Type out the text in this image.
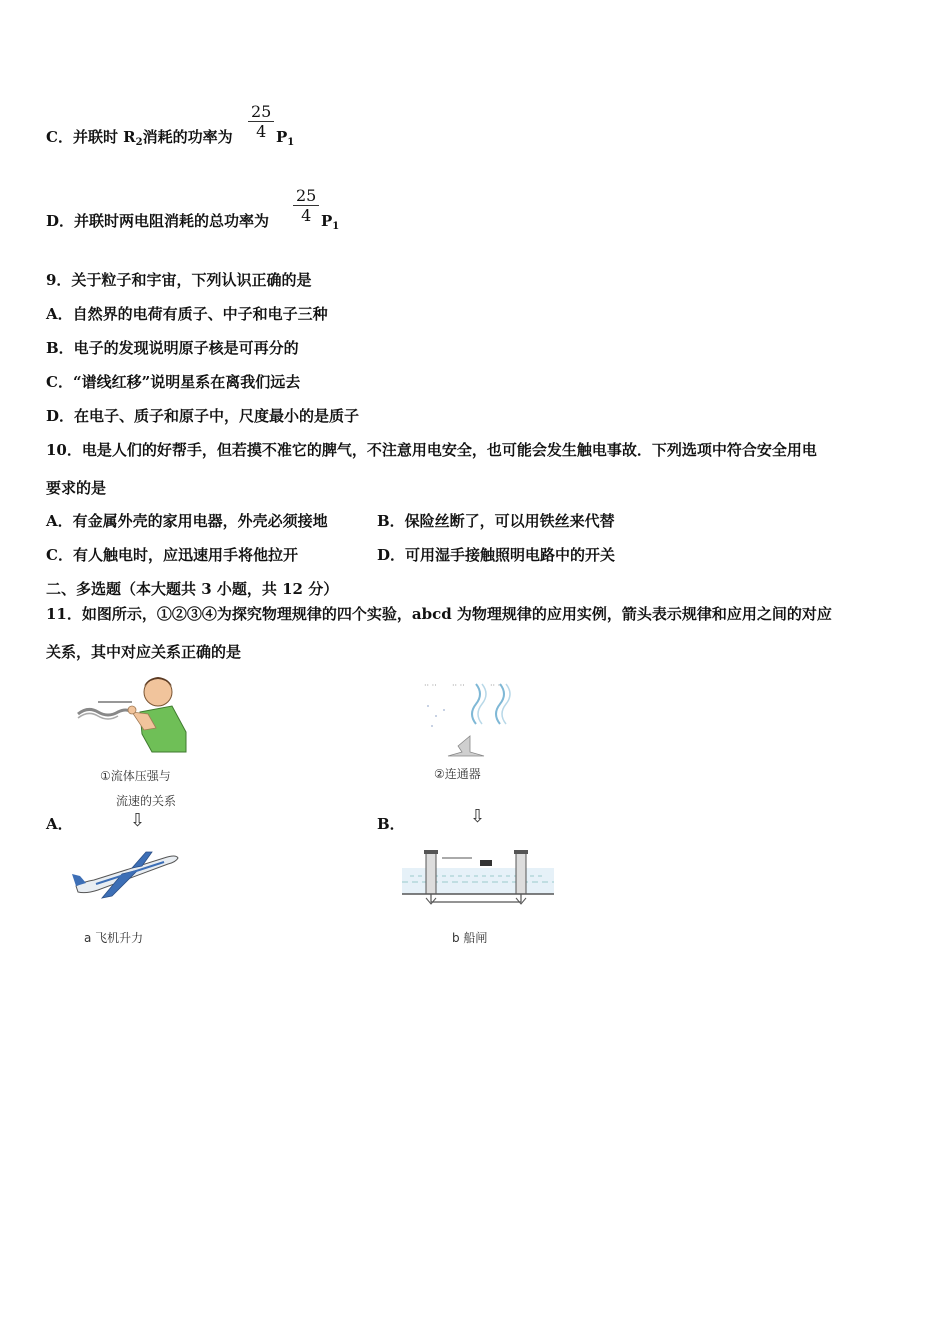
C．并联时 $R_2$消耗的功率为 $\frac{25}{4} P_1$
D．并联时两电阻消耗的总功率为 $\frac{25}{4} P_1$
9．关于粒子和宇宙，下列认识正确的是
A．自然界的电荷有质子、中子和电子三种
B．电子的发现说明原子核是可再分的
C．“谱线红移”说明星系在离我们远去
D．在电子、质子和原子中，尺度最小的是质子
10．电是人们的好帮手，但若摸不准它的脾气，不注意用电安全，也可能会发生触电事故．下列选项中符合安全用电
要求的是
A．有金属外壳的家用电器，外壳必须接地	B．保险丝断了，可以用铁丝来代替
C．有人触电时，应迅速用手将他拉开	D．可用湿手接触照明电路中的开关
二、多选题（本大题共 3 小题，共 12 分）
11．如图所示，①②③④为探究物理规律的四个实验，abcd 为物理规律的应用实例，箭头表示规律和应用之间的对应
关系，其中对应关系正确的是
①流体压强与
流速的关系
A．	⇩
a 飞机升力
·· ·· ·· ··	·· ··
②连通器
B．	⇩
b 船闸
